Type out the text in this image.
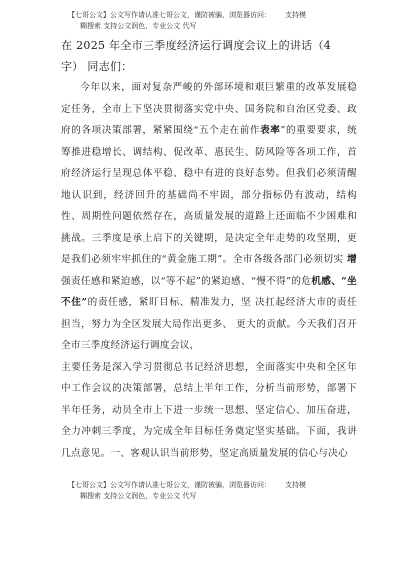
【七哥公文】公文写作请认准七哥公文，谨防被骗，浏览器访问： 支持模
糊搜索 支持公文润色，专业公文 代写
在 2025 年全市三季度经济运行调度会议上的讲话（4
字） 同志们：

今年以来，面对复杂严峻的外部环境和艰巨繁重的改革发展稳定任务，全市上下坚决贯彻落实党中央、国务院和自治区党委、政府的各项决策部署，紧紧围绕“五个走在前作表率”的重要要求，统筹推进稳增长、调结构、促改革、惠民生、防风险等各项工作，首府经济运行呈现总体平稳、稳中有进的良好态势。但我们必须清醒地认识到，经济回升的基础尚不牢固，部分指标仍有波动，结构性、周期性问题依然存在，高质量发展的道路上还面临不少困难和挑战。三季度是承上启下的关键期，是决定全年走势的攻坚期，更是我们必须牢牢抓住的“黄金施工期”。全市各级各部门必须切实 增强责任感和紧迫感，以“等不起”的紧迫感、“慢不得”的危机感、“坐不住”的责任感，紧盯目标、精准发力，坚 决扛起经济大市的责任担当，努力为全区发展大局作出更多、 更大的贡献。今天我们召开全市三季度经济运行调度会议，

主要任务是深入学习贯彻总书记经济思想，全面落实中央和全区年中工作会议的决策部署，总结上半年工作，分析当前形势，部署下半年任务，动员全市上下进一步统一思想、坚定信心、加压奋进，全力冲刺三季度，为完成全年目标任务奠定坚实基础。下面，我讲几点意见。一、客观认识当前形势，坚定高质量发展的信心与决心

【七哥公文】公文写作请认准七哥公文，谨防被骗，浏览器访问： 支持模
糊搜索 支持公文润色，专业公文 代写
